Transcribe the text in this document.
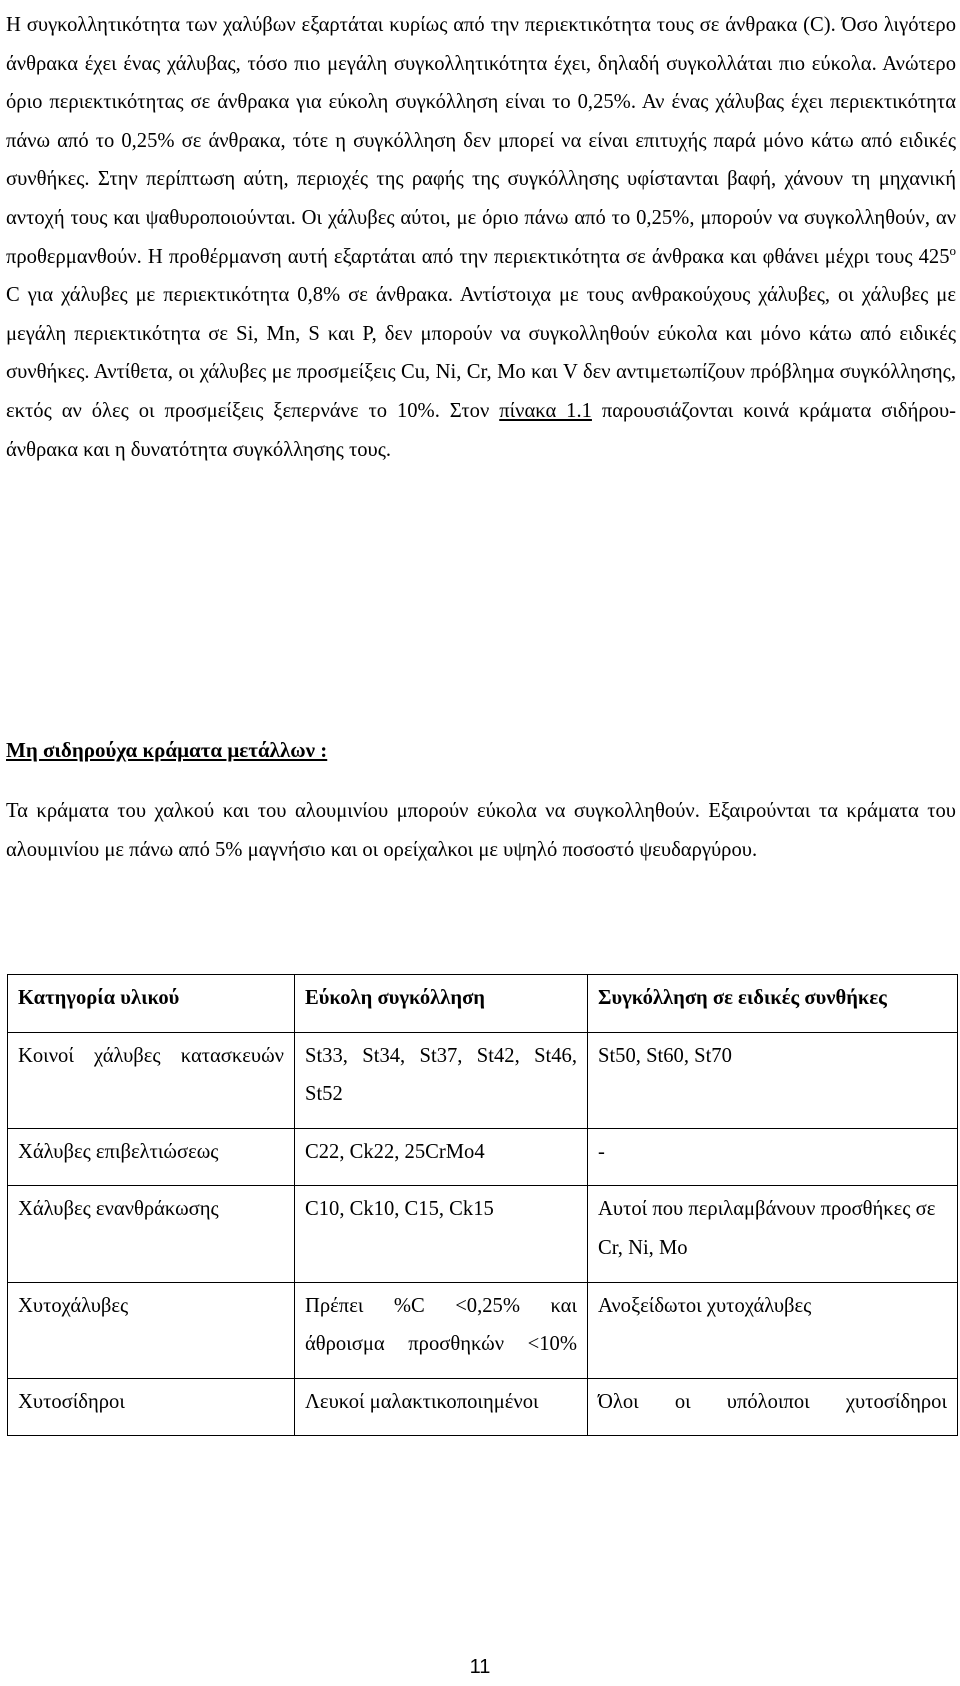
Η συγκολλητικότητα των χαλύβων εξαρτάται κυρίως από την περιεκτικότητα τους σε άνθρακα (C). Όσο λιγότερο άνθρακα έχει ένας χάλυβας, τόσο πιο μεγάλη συγκολλητικότητα έχει, δηλαδή συγκολλάται πιο εύκολα. Ανώτερο όριο περιεκτικότητας σε άνθρακα για εύκολη συγκόλληση είναι το 0,25%. Αν ένας χάλυβας έχει περιεκτικότητα πάνω από το 0,25% σε άνθρακα, τότε η συγκόλληση δεν μπορεί να είναι επιτυχής παρά μόνο κάτω από ειδικές συνθήκες. Στην περίπτωση αύτη, περιοχές της ραφής της συγκόλλησης υφίστανται βαφή, χάνουν τη μηχανική αντοχή τους και ψαθυροποιούνται. Οι χάλυβες αύτοι, με όριο πάνω από το 0,25%, μπορούν να συγκολληθούν, αν προθερμανθούν. Η προθέρμανση αυτή εξαρτάται από την περιεκτικότητα σε άνθρακα και φθάνει μέχρι τους $425^o$ C για χάλυβες με περιεκτικότητα 0,8% σε άνθρακα. Αντίστοιχα με τους ανθρακούχους χάλυβες, οι χάλυβες με μεγάλη περιεκτικότητα σε Si, Mn, S και P, δεν μπορούν να συγκολληθούν εύκολα και μόνο κάτω από ειδικές συνθήκες. Αντίθετα, οι χάλυβες με προσμείξεις Cu, Ni, Cr, Mo και V δεν αντιμετωπίζουν πρόβλημα συγκόλλησης, εκτός αν όλες οι προσμείξεις ξεπερνάνε το 10%. Στον πίνακα 1.1 παρουσιάζονται κοινά κράματα σιδήρου-άνθρακα και η δυνατότητα συγκόλλησης τους.
Μη σιδηρούχα κράματα μετάλλων :
Τα κράματα του χαλκού και του αλουμινίου μπορούν εύκολα να συγκολληθούν. Εξαιρούνται τα κράματα του αλουμινίου με πάνω από 5% μαγνήσιο και οι ορείχαλκοι με υψηλό ποσοστό ψευδαργύρου.
Κατηγορία υλικού	Εύκολη συγκόλληση	Συγκόλληση σε ειδικές συνθήκες
Κοινοί χάλυβες κατασκευών	St33, St34, St37, St42, St46, St52	St50, St60, St70
Χάλυβες επιβελτιώσεως	C22, Ck22, 25CrMo4	-
Χάλυβες ενανθράκωσης	C10, Ck10, C15, Ck15	Αυτοί που περιλαμβάνουν προσθήκες σε Cr, Ni, Mo
Χυτοχάλυβες	Πρέπει %C <0,25% και άθροισμα προσθηκών <10%	Ανοξείδωτοι χυτοχάλυβες
Χυτοσίδηροι	Λευκοί μαλακτικοποιημένοι	Όλοι οι υπόλοιποι χυτοσίδηροι
11
